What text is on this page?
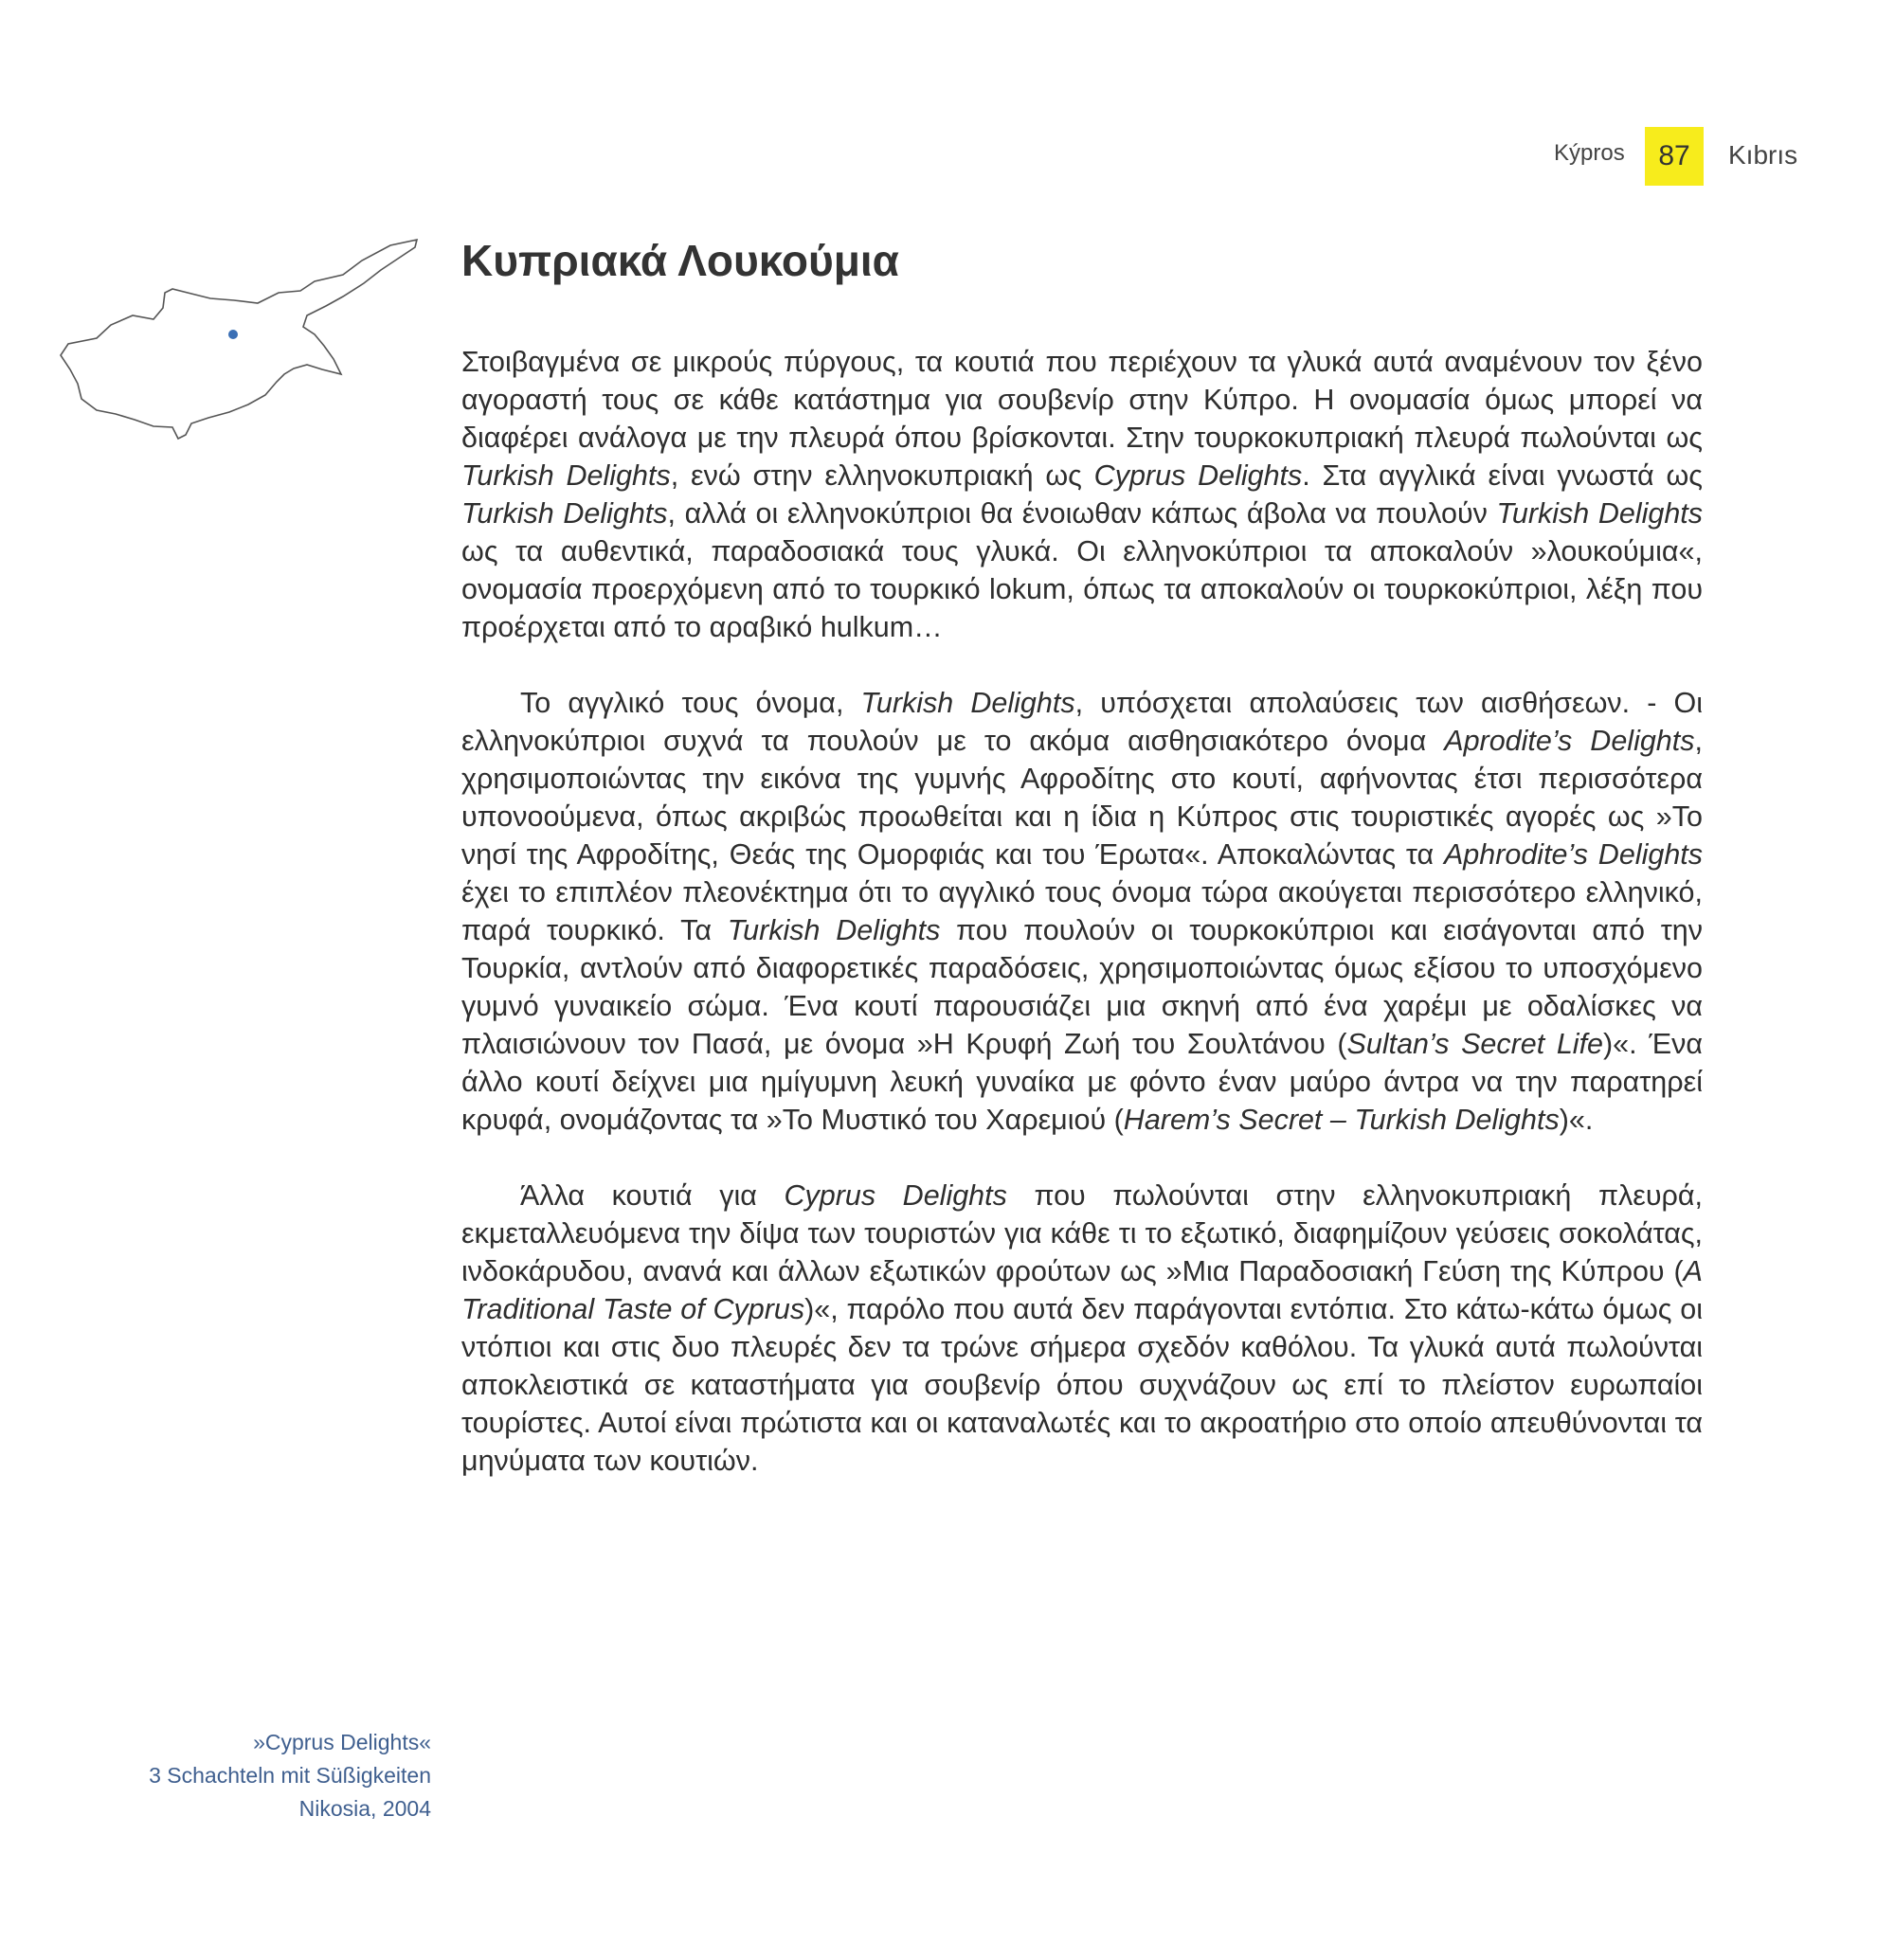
Kýpros	87	Kıbrıs
Κυπριακά Λουκούμια

Στοιβαγμένα σε μικρούς πύργους, τα κουτιά που περιέχουν τα γλυκά αυτά αναμένουν τον ξένο αγοραστή τους σε κάθε κατάστημα για σουβενίρ στην Κύπρο. Η ονομασία όμως μπορεί να διαφέρει ανάλογα με την πλευρά όπου βρίσκονται. Στην τουρκοκυπριακή πλευρά πωλούνται ως Turkish Delights, ενώ στην ελληνοκυπριακή ως Cyprus Delights. Στα αγγλικά είναι γνωστά ως Turkish Delights, αλλά οι ελληνοκύπριοι θα ένοιωθαν κάπως άβολα να πουλούν Turkish Delights ως τα αυθεντικά, παραδοσιακά τους γλυκά. Οι ελληνοκύπριοι τα αποκαλούν »λουκούμια«, ονομασία προερχόμενη από το τουρκικό lokum, όπως τα αποκαλούν οι τουρκοκύπριοι, λέξη που προέρχεται από το αραβικό hulkum…

Το αγγλικό τους όνομα, Turkish Delights, υπόσχεται απολαύσεις των αισθήσεων. - Οι ελληνοκύπριοι συχνά τα πουλούν με το ακόμα αισθησιακότερο όνομα Aprodite’s Delights, χρησιμοποιώντας την εικόνα της γυμνής Αφροδίτης στο κουτί, αφήνοντας έτσι περισσότερα υπονοούμενα, όπως ακριβώς προωθείται και η ίδια η Κύπρος στις τουριστικές αγορές ως »Το νησί της Αφροδίτης, Θεάς της Ομορφιάς και του Έρωτα«. Αποκαλώντας τα Aphrodite’s Delights έχει το επιπλέον πλεονέκτημα ότι το αγγλικό τους όνομα τώρα ακούγεται περισσότερο ελληνικό, παρά τουρκικό. Τα Turkish Delights που πουλούν οι τουρκοκύπριοι και εισάγονται από την Τουρκία, αντλούν από διαφορετικές παραδόσεις, χρησιμοποιώντας όμως εξίσου το υποσχόμενο γυμνό γυναικείο σώμα. Ένα κουτί παρουσιάζει μια σκηνή από ένα χαρέμι με οδαλίσκες να πλαισιώνουν τον Πασά, με όνομα »Η Κρυφή Ζωή του Σουλτάνου (Sultan’s Secret Life)«. Ένα άλλο κουτί δείχνει μια ημίγυμνη λευκή γυναίκα με φόντο έναν μαύρο άντρα να την παρατηρεί κρυφά, ονομάζοντας τα »Το Μυστικό του Χαρεμιού (Harem’s Secret – Turkish Delights)«.

Άλλα κουτιά για Cyprus Delights που πωλούνται στην ελληνοκυπριακή πλευρά, εκμεταλλευόμενα την δίψα των τουριστών για κάθε τι το εξωτικό, διαφημίζουν γεύσεις σοκολάτας, ινδοκάρυδου, ανανά και άλλων εξωτικών φρούτων ως »Μια Παραδοσιακή Γεύση της Κύπρου (A Traditional Taste of Cyprus)«, παρόλο που αυτά δεν παράγονται εντόπια. Στο κάτω-κάτω όμως οι ντόπιοι και στις δυο πλευρές δεν τα τρώνε σήμερα σχεδόν καθόλου. Τα γλυκά αυτά πωλούνται αποκλειστικά σε καταστήματα για σουβενίρ όπου συχνάζουν ως επί το πλείστον ευρωπαίοι τουρίστες. Αυτοί είναι πρώτιστα και οι καταναλωτές και το ακροατήριο στο οποίο απευθύνονται τα μηνύματα των κουτιών.

»Cyprus Delights«
3 Schachteln mit Süßigkeiten
Nikosia, 2004
